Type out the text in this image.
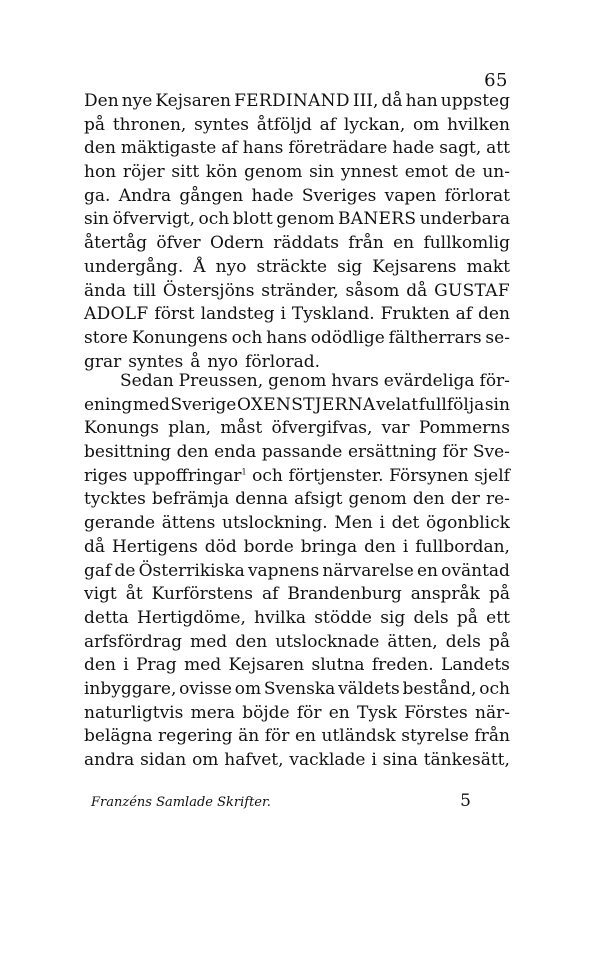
65
Den nye Kejsaren FERDINAND III, då han uppsteg
på thronen, syntes åtföljd af lyckan, om hvilken
den mäktigaste af hans företrädare hade sagt, att
hon röjer sitt kön genom sin ynnest emot de un-
ga. Andra gången hade Sveriges vapen förlorat
sin öfvervigt, och blott genom BANERS underbara
återtåg öfver Odern räddats från en fullkomlig
undergång. Å nyo sträckte sig Kejsarens makt
ända till Östersjöns stränder, såsom då GUSTAF
ADOLF först landsteg i Tyskland. Frukten af den
store Konungens och hans odödlige fältherrars se-
grar syntes å nyo förlorad.
Sedan Preussen, genom hvars evärdeliga för-
ening med Sverige OXENSTJERNA velat fullfölja sin
Konungs plan, måst öfvergifvas, var Pommerns
besittning den enda passande ersättning för Sve-
riges uppoffringar$^1$ och förtjenster. Försynen sjelf
tycktes befrämja denna afsigt genom den der re-
gerande ättens utslockning. Men i det ögonblick
då Hertigens död borde bringa den i fullbordan,
gaf de Österrikiska vapnens närvarelse en oväntad
vigt åt Kurförstens af Brandenburg anspråk på
detta Hertigdöme, hvilka stödde sig dels på ett
arfsfördrag med den utslocknade ätten, dels på
den i Prag med Kejsaren slutna freden. Landets
inbyggare, ovisse om Svenska väldets bestånd, och
naturligtvis mera böjde för en Tysk Förstes när-
belägna regering än för en utländsk styrelse från
andra sidan om hafvet, vacklade i sina tänkesätt,
Franzéns Samlade Skrifter.	5
